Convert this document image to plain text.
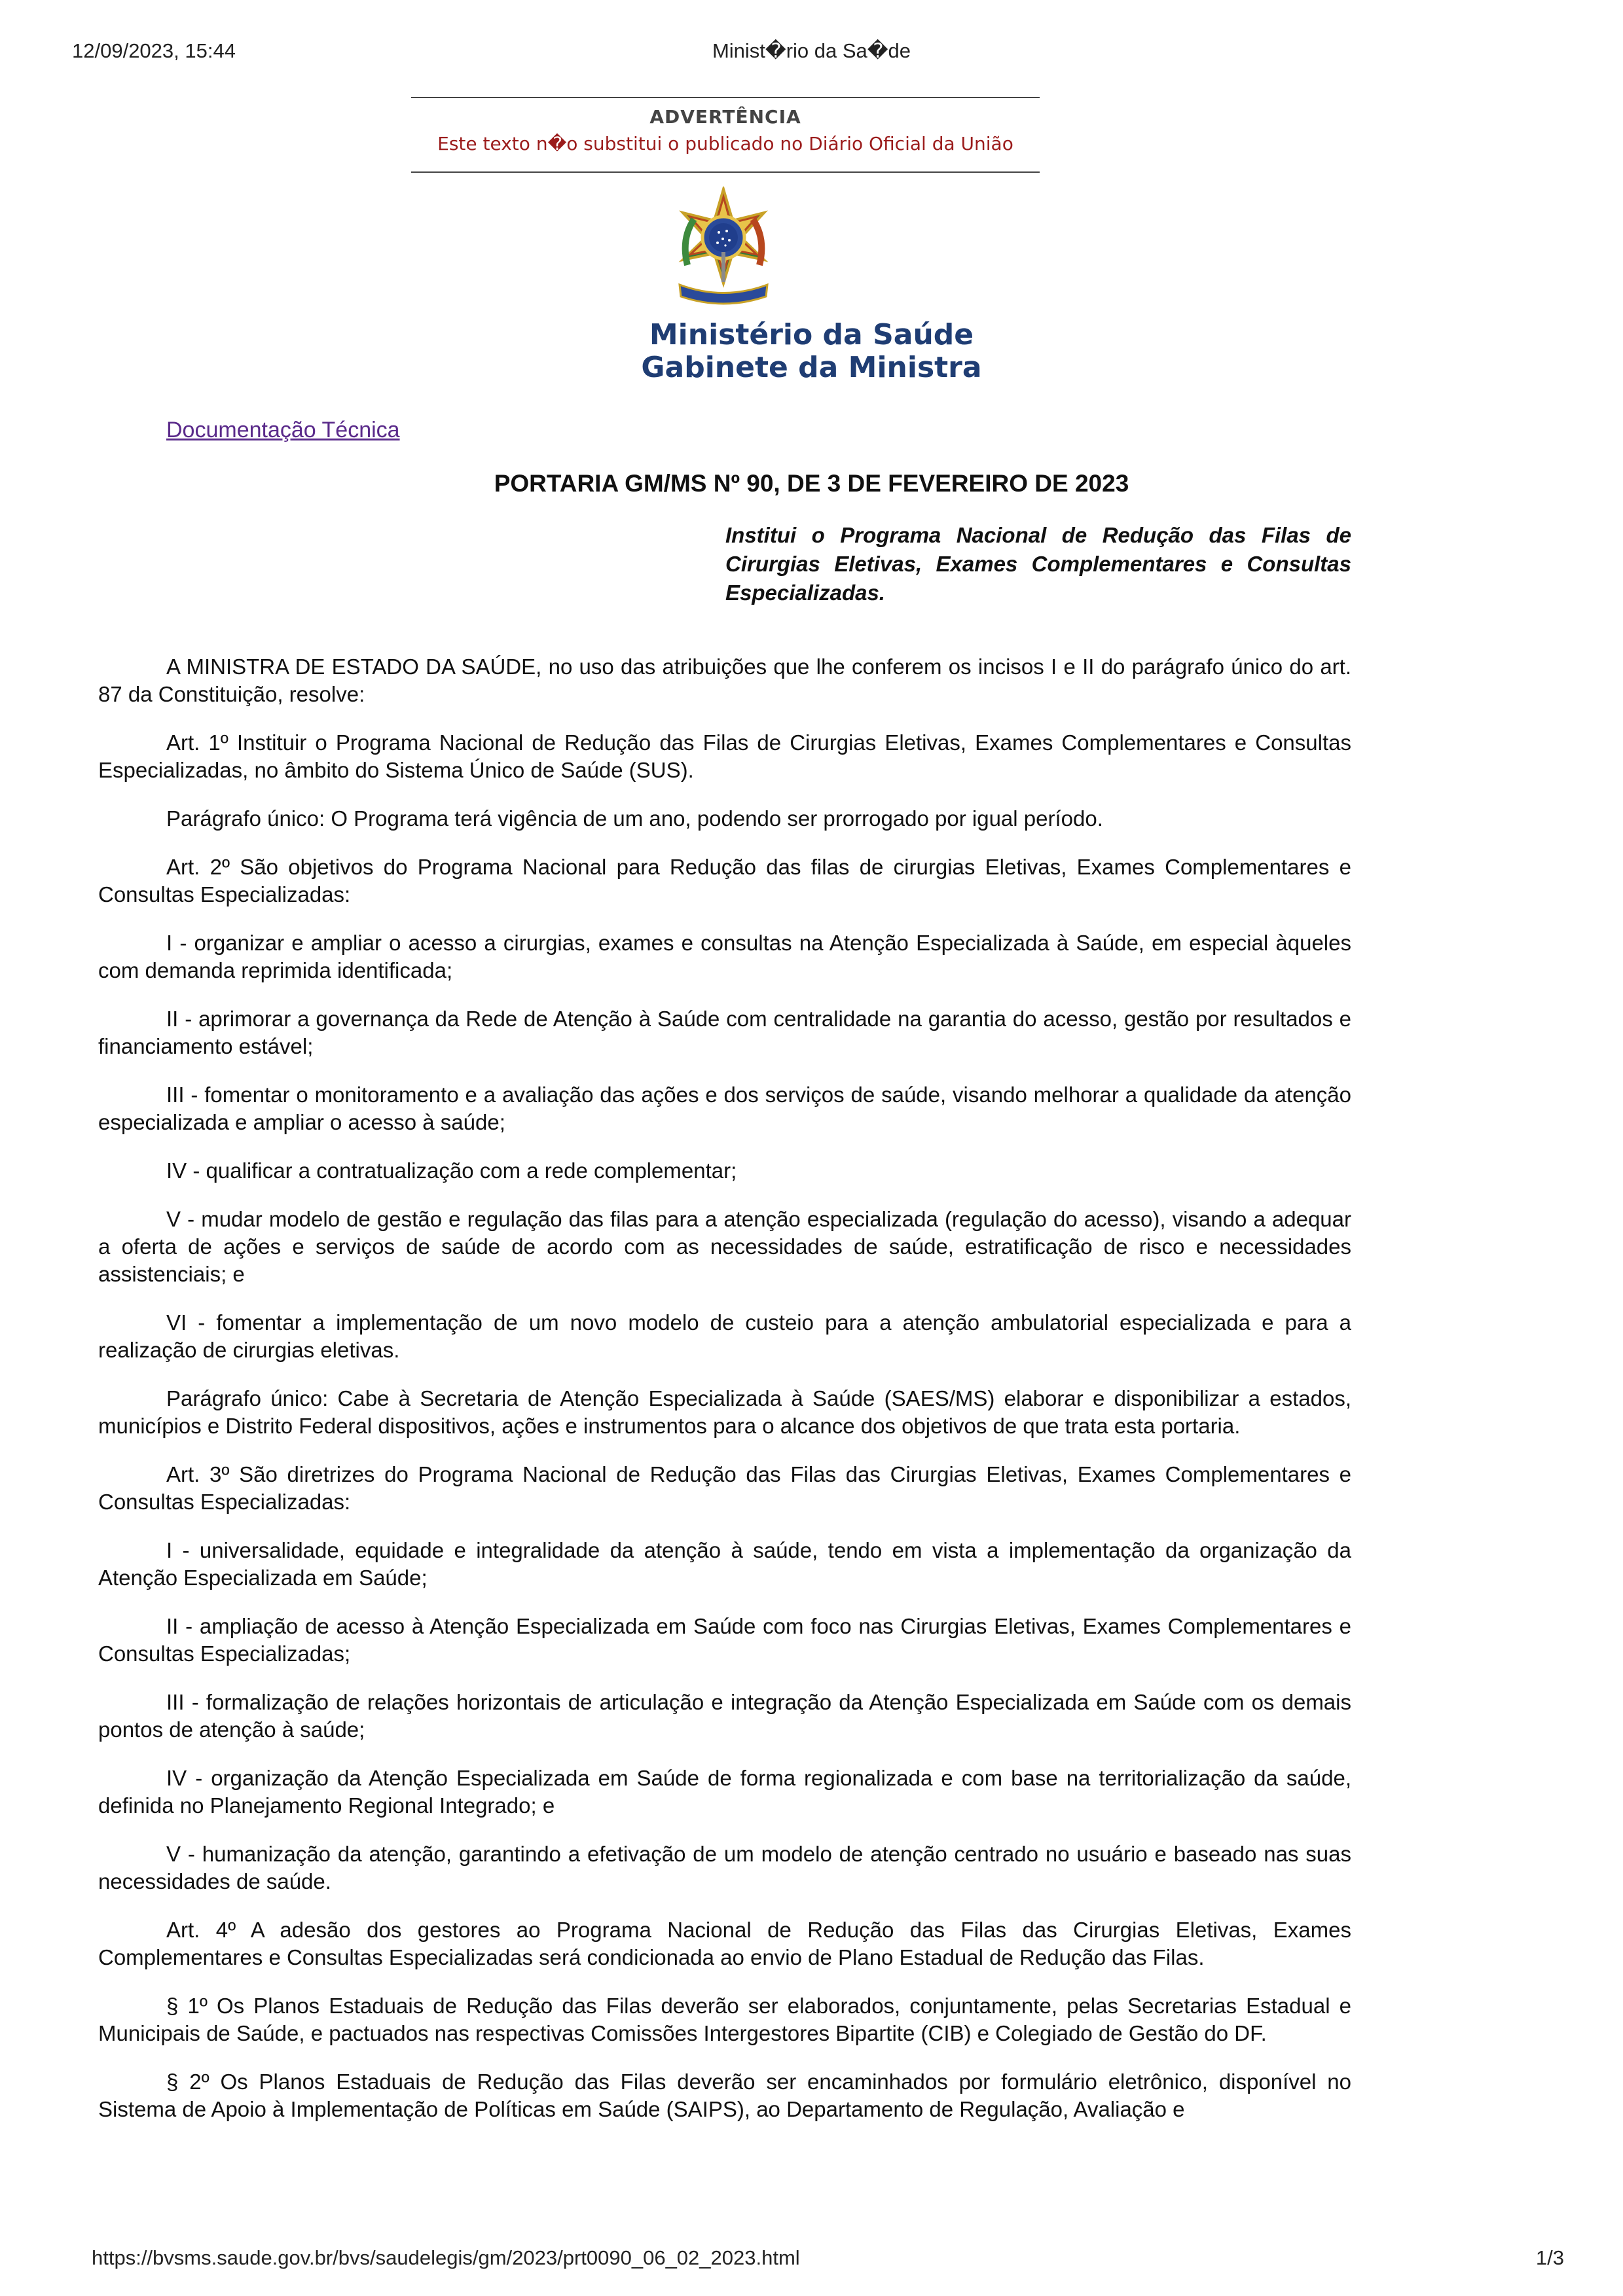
12/09/2023, 15:44	Minist�rio da Sa�de
ADVERTÊNCIA
Este texto n�o substitui o publicado no Diário Oficial da União
Ministério da Saúde
Gabinete da Ministra
Documentação Técnica
PORTARIA GM/MS Nº 90, DE 3 DE FEVEREIRO DE 2023
Institui o Programa Nacional de Redução das Filas de Cirurgias Eletivas, Exames Complementares e Consultas Especializadas.

A MINISTRA DE ESTADO DA SAÚDE, no uso das atribuições que lhe conferem os incisos I e II do parágrafo único do art. 87 da Constituição, resolve:

Art. 1º Instituir o Programa Nacional de Redução das Filas de Cirurgias Eletivas, Exames Complementares e Consultas Especializadas, no âmbito do Sistema Único de Saúde (SUS).

Parágrafo único: O Programa terá vigência de um ano, podendo ser prorrogado por igual período.

Art. 2º São objetivos do Programa Nacional para Redução das filas de cirurgias Eletivas, Exames Complementares e Consultas Especializadas:

I - organizar e ampliar o acesso a cirurgias, exames e consultas na Atenção Especializada à Saúde, em especial àqueles com demanda reprimida identificada;

II - aprimorar a governança da Rede de Atenção à Saúde com centralidade na garantia do acesso, gestão por resultados e financiamento estável;

III - fomentar o monitoramento e a avaliação das ações e dos serviços de saúde, visando melhorar a qualidade da atenção especializada e ampliar o acesso à saúde;

IV - qualificar a contratualização com a rede complementar;

V - mudar modelo de gestão e regulação das filas para a atenção especializada (regulação do acesso), visando a adequar a oferta de ações e serviços de saúde de acordo com as necessidades de saúde, estratificação de risco e necessidades assistenciais; e

VI - fomentar a implementação de um novo modelo de custeio para a atenção ambulatorial especializada e para a realização de cirurgias eletivas.

Parágrafo único: Cabe à Secretaria de Atenção Especializada à Saúde (SAES/MS) elaborar e disponibilizar a estados, municípios e Distrito Federal dispositivos, ações e instrumentos para o alcance dos objetivos de que trata esta portaria.

Art. 3º São diretrizes do Programa Nacional de Redução das Filas das Cirurgias Eletivas, Exames Complementares e Consultas Especializadas:

I - universalidade, equidade e integralidade da atenção à saúde, tendo em vista a implementação da organização da Atenção Especializada em Saúde;

II - ampliação de acesso à Atenção Especializada em Saúde com foco nas Cirurgias Eletivas, Exames Complementares e Consultas Especializadas;

III - formalização de relações horizontais de articulação e integração da Atenção Especializada em Saúde com os demais pontos de atenção à saúde;

IV - organização da Atenção Especializada em Saúde de forma regionalizada e com base na territorialização da saúde, definida no Planejamento Regional Integrado; e

V - humanização da atenção, garantindo a efetivação de um modelo de atenção centrado no usuário e baseado nas suas necessidades de saúde.

Art. 4º A adesão dos gestores ao Programa Nacional de Redução das Filas das Cirurgias Eletivas, Exames Complementares e Consultas Especializadas será condicionada ao envio de Plano Estadual de Redução das Filas.

§ 1º Os Planos Estaduais de Redução das Filas deverão ser elaborados, conjuntamente, pelas Secretarias Estadual e Municipais de Saúde, e pactuados nas respectivas Comissões Intergestores Bipartite (CIB) e Colegiado de Gestão do DF.

§ 2º Os Planos Estaduais de Redução das Filas deverão ser encaminhados por formulário eletrônico, disponível no Sistema de Apoio à Implementação de Políticas em Saúde (SAIPS), ao Departamento de Regulação, Avaliação e

https://bvsms.saude.gov.br/bvs/saudelegis/gm/2023/prt0090_06_02_2023.html	1/3
